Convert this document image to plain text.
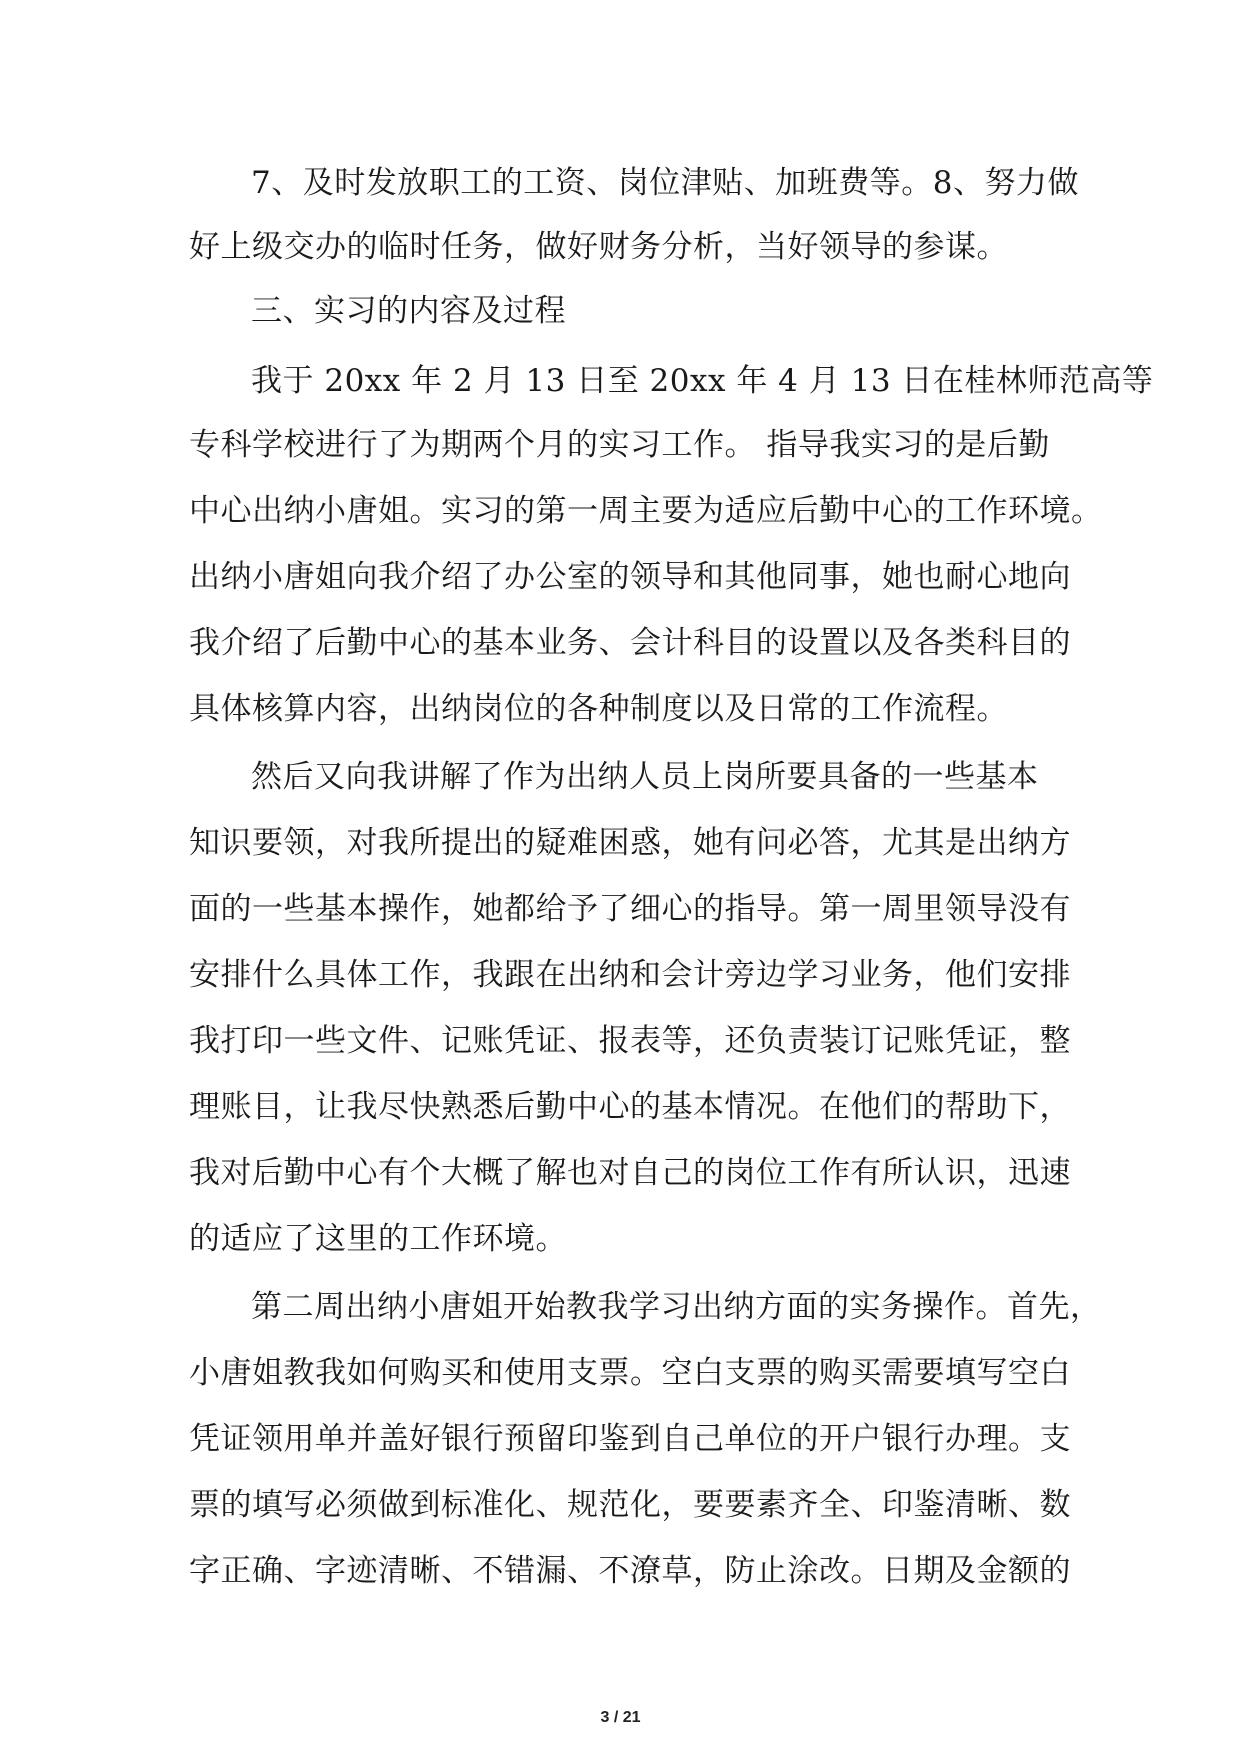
7、及时发放职工的工资、岗位津贴、加班费等。8、努力做
好上级交办的临时任务，做好财务分析，当好领导的参谋。
三、实习的内容及过程
我于 20xx 年 2 月 13 日至 20xx 年 4 月 13 日在桂林师范高等
专科学校进行了为期两个月的实习工作。 指导我实习的是后勤
中心出纳小唐姐。实习的第一周主要为适应后勤中心的工作环境。
出纳小唐姐向我介绍了办公室的领导和其他同事，她也耐心地向
我介绍了后勤中心的基本业务、会计科目的设置以及各类科目的
具体核算内容，出纳岗位的各种制度以及日常的工作流程。
然后又向我讲解了作为出纳人员上岗所要具备的一些基本
知识要领，对我所提出的疑难困惑，她有问必答，尤其是出纳方
面的一些基本操作，她都给予了细心的指导。第一周里领导没有
安排什么具体工作，我跟在出纳和会计旁边学习业务，他们安排
我打印一些文件、记账凭证、报表等，还负责装订记账凭证，整
理账目，让我尽快熟悉后勤中心的基本情况。在他们的帮助下，
我对后勤中心有个大概了解也对自己的岗位工作有所认识，迅速
的适应了这里的工作环境。
第二周出纳小唐姐开始教我学习出纳方面的实务操作。首先，
小唐姐教我如何购买和使用支票。空白支票的购买需要填写空白
凭证领用单并盖好银行预留印鉴到自己单位的开户银行办理。支
票的填写必须做到标准化、规范化，要要素齐全、印鉴清晰、数
字正确、字迹清晰、不错漏、不潦草，防止涂改。日期及金额的
3 / 21
